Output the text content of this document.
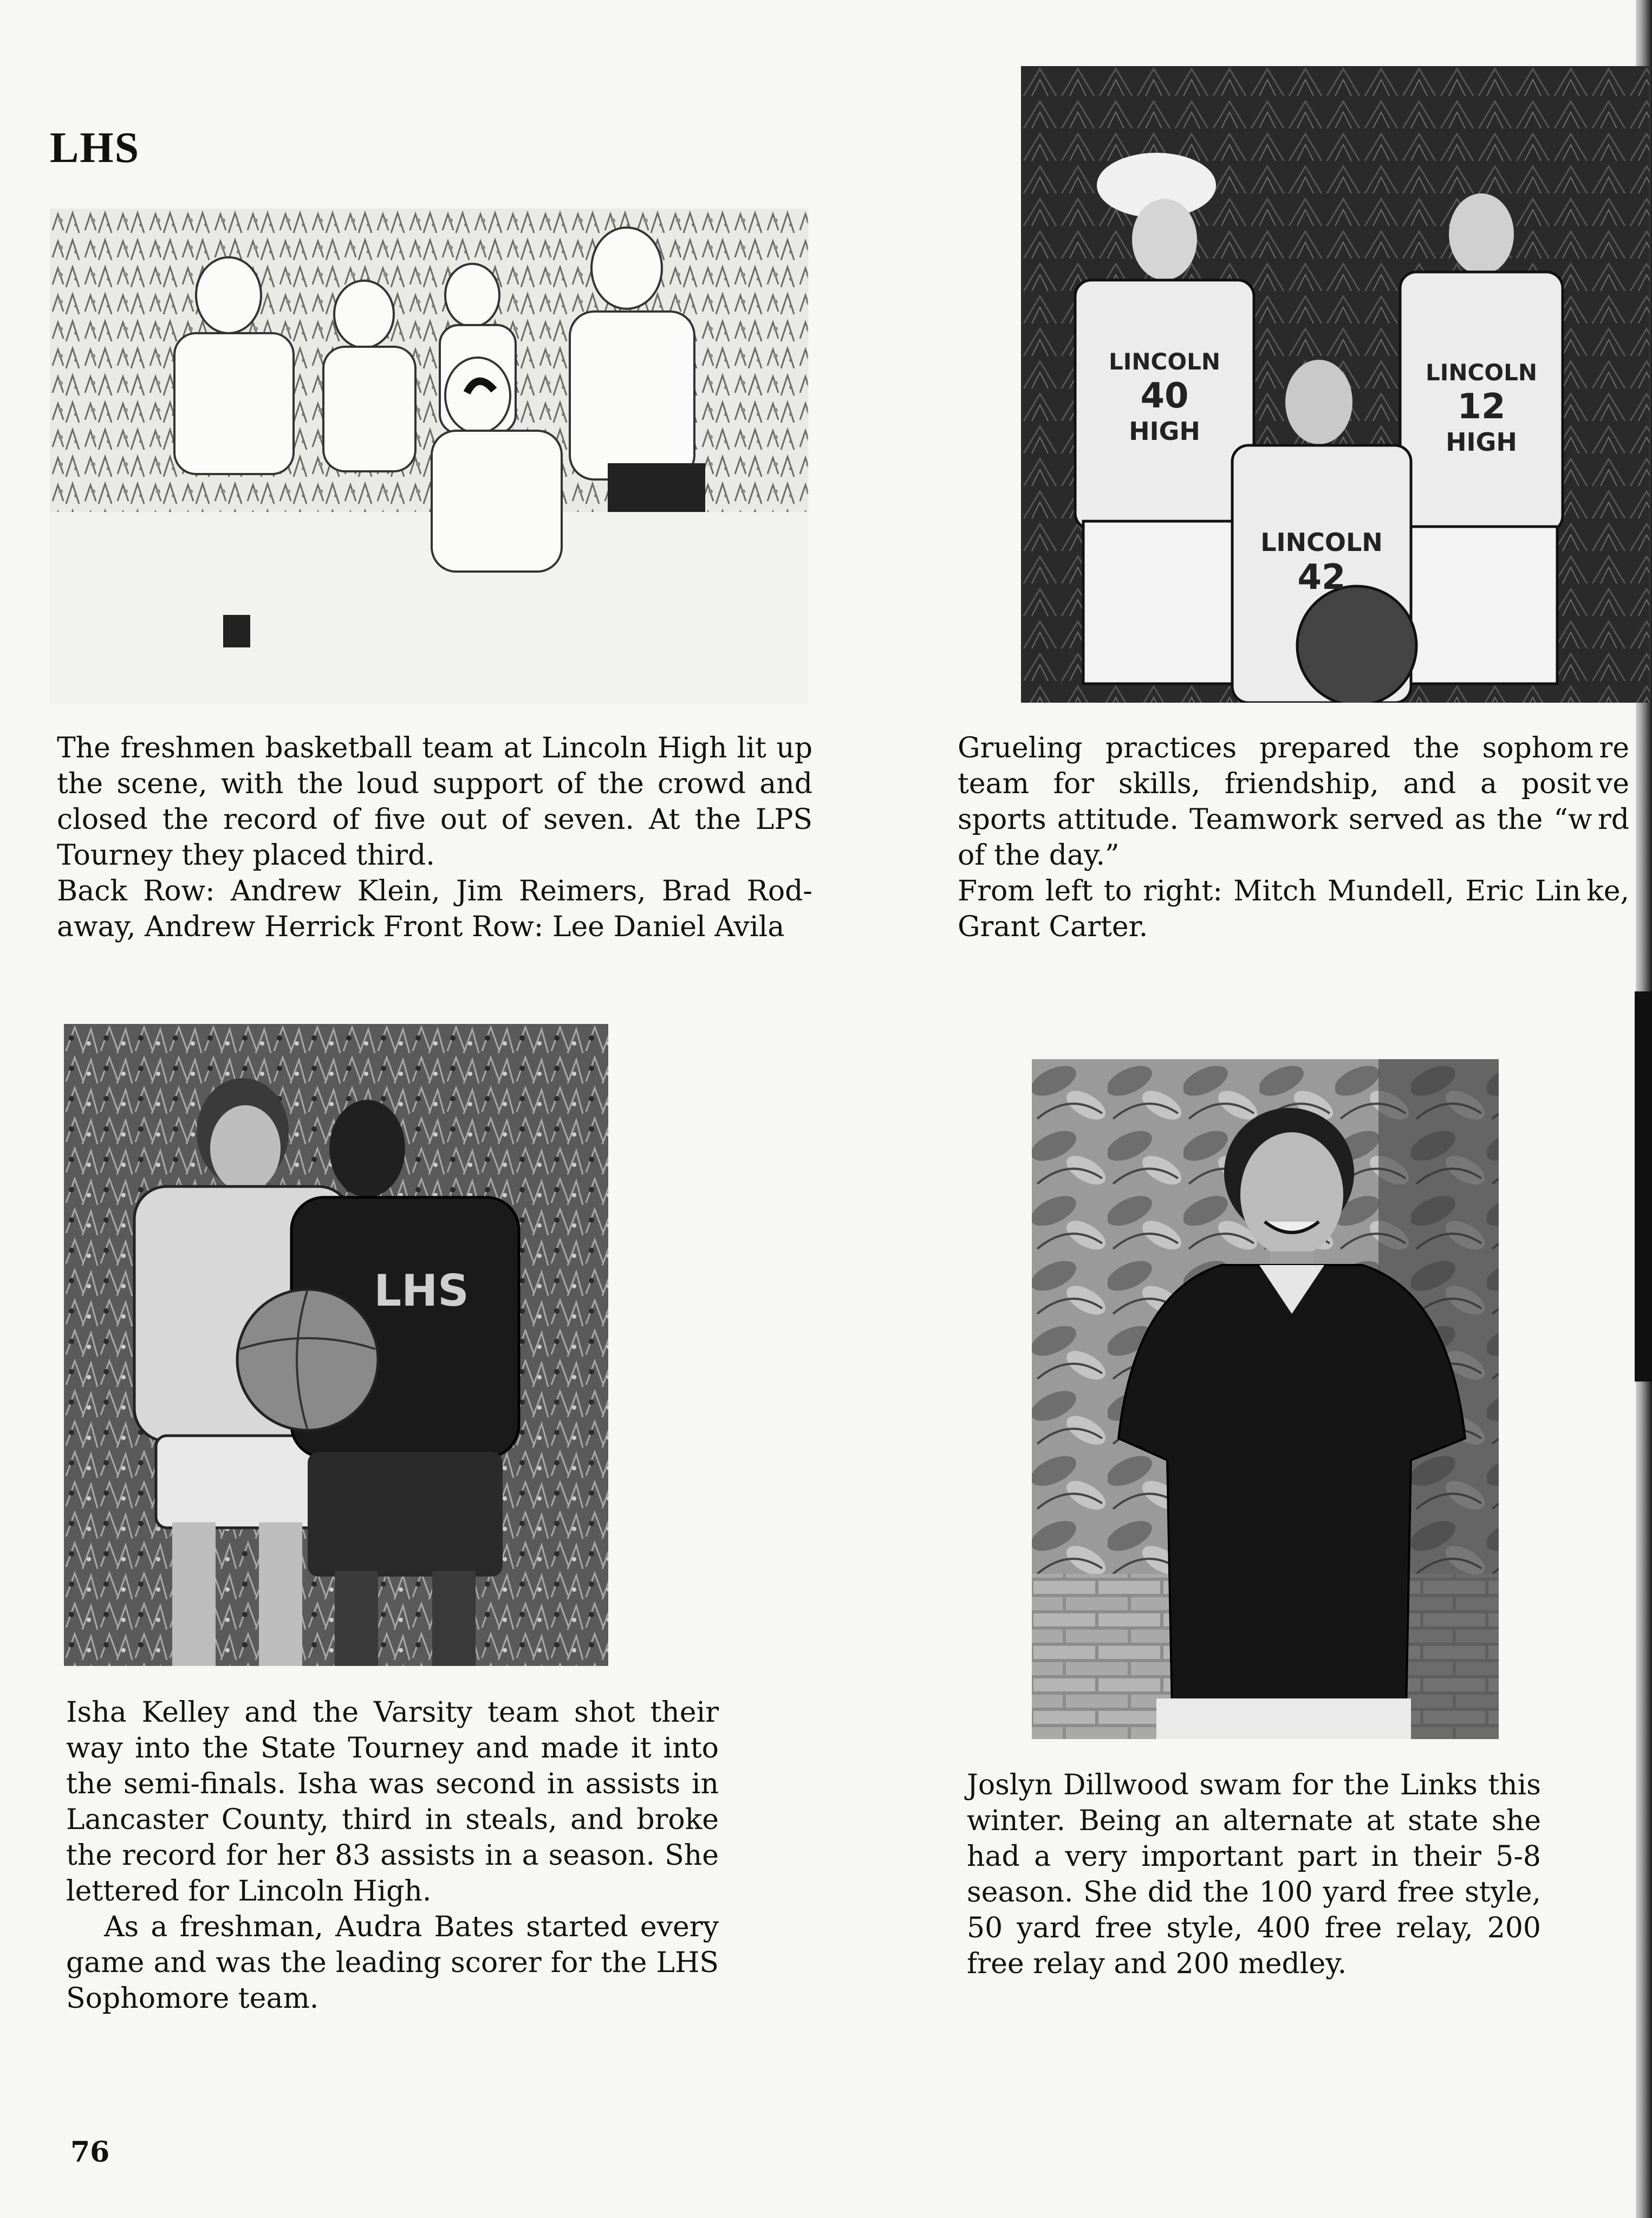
LHS
LINCOLN
40
HIGH
LINCOLN
12
HIGH
LINCOLN
42

The freshmen basketball team at Lincoln High lit up the scene, with the loud support of the crowd and closed the record of five out of seven. At the LPS Tourney they placed third.

Back Row: Andrew Klein, Jim Reimers, Brad Rod-away, Andrew Herrick Front Row: Lee Daniel Avila

Grueling practices prepared the sophom re team for skills, friendship, and a posit ve sports attitude. Teamwork served as the “w rd of the day.”

From left to right: Mitch Mundell, Eric Lin ke, Grant Carter.

LHS

Isha Kelley and the Varsity team shot their way into the State Tourney and made it into the semi-finals. Isha was second in assists in Lancaster County, third in steals, and broke the record for her 83 assists in a season. She lettered for Lincoln High.

As a freshman, Audra Bates started every game and was the leading scorer for the LHS Sophomore team.

Joslyn Dillwood swam for the Links this winter. Being an alternate at state she had a very important part in their 5-8 season. She did the 100 yard free style, 50 yard free style, 400 free relay, 200 free relay and 200 medley.

76
